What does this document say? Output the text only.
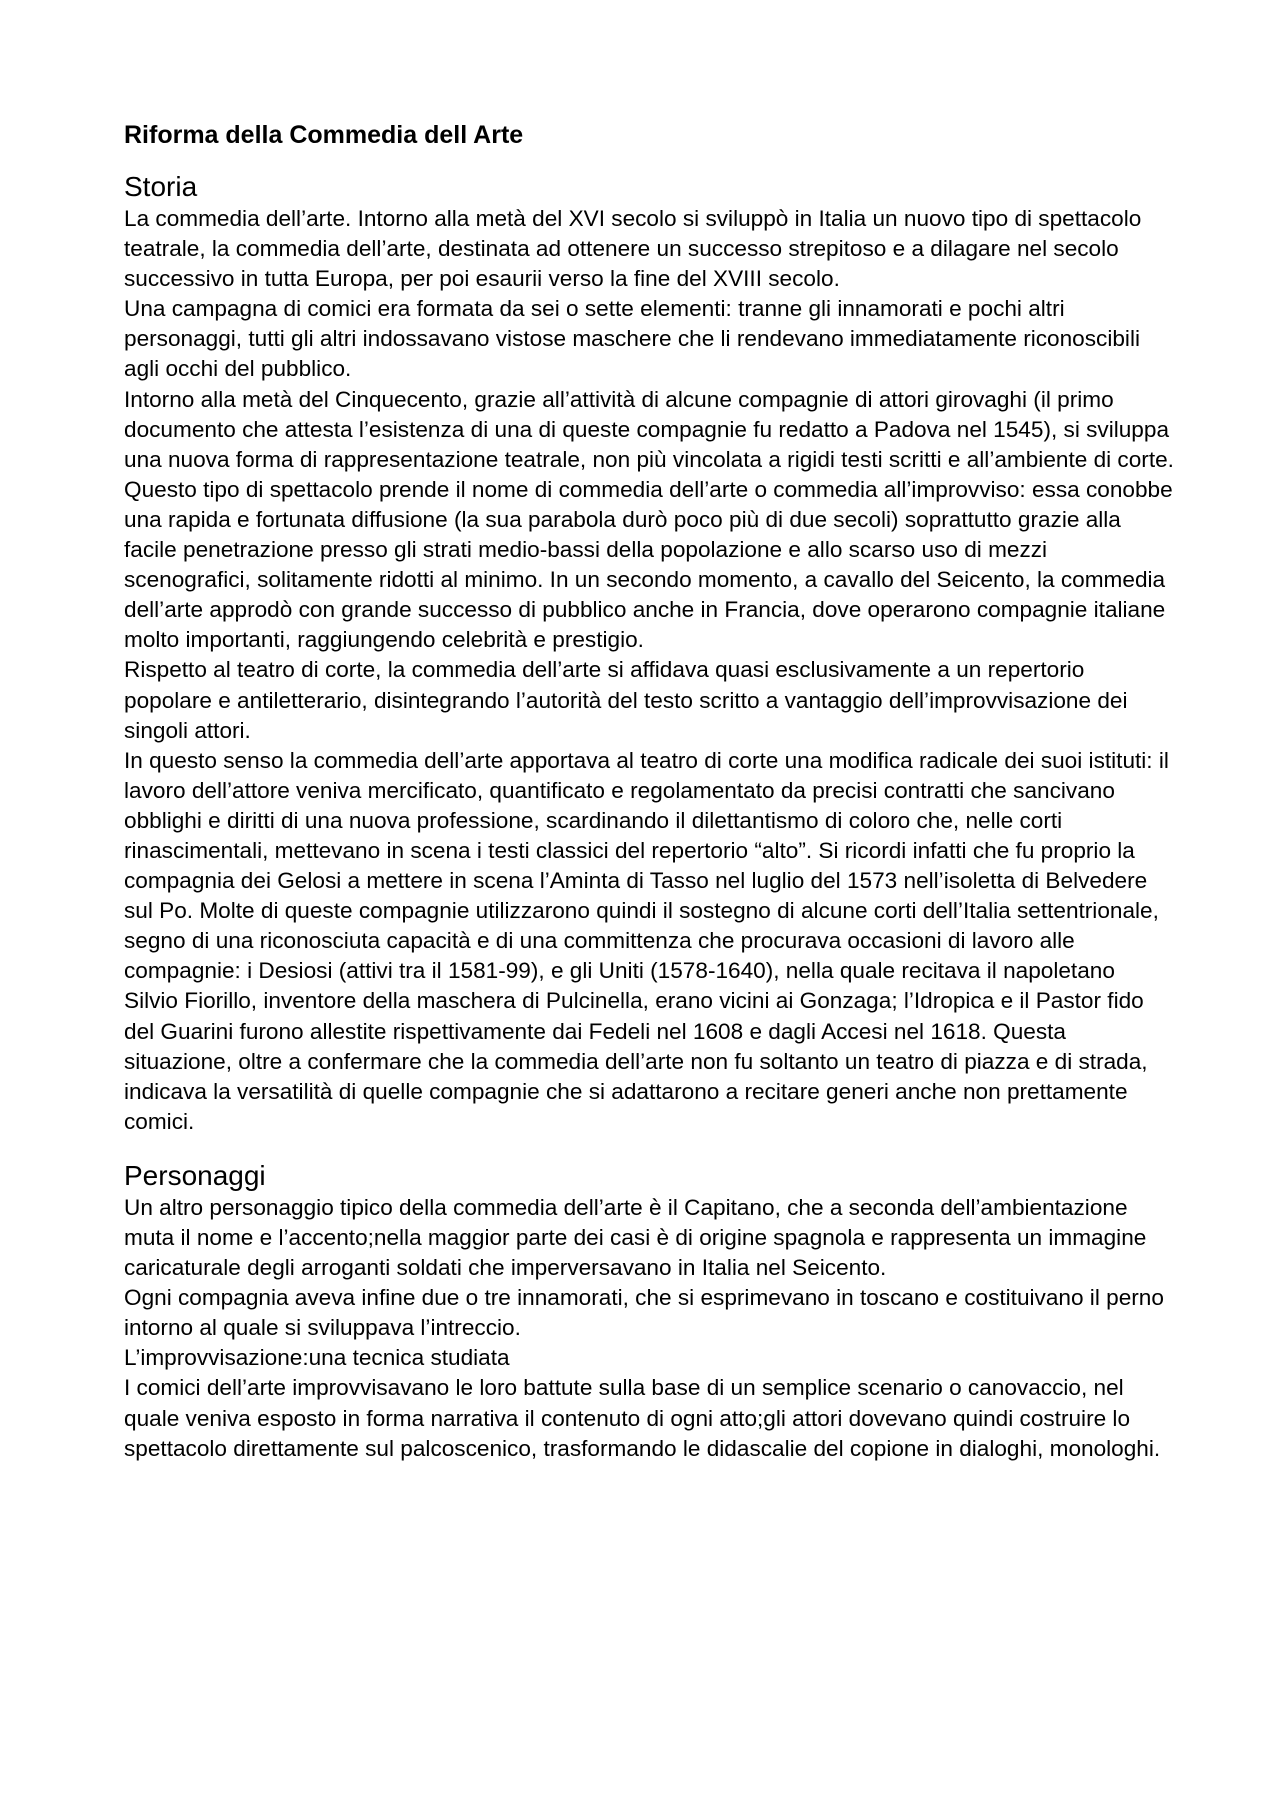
Riforma della Commedia dell Arte
Storia

La commedia dell’arte. Intorno alla metà del XVI secolo si sviluppò in Italia un nuovo tipo di spettacolo teatrale, la commedia dell’arte, destinata ad ottenere un successo strepitoso e a dilagare nel secolo successivo in tutta Europa, per poi esaurii verso la fine del XVIII secolo.

Una campagna di comici era formata da sei o sette elementi: tranne gli innamorati e pochi altri personaggi, tutti gli altri indossavano vistose maschere che li rendevano immediatamente riconoscibili agli occhi del pubblico.

Intorno alla metà del Cinquecento, grazie all’attività di alcune compagnie di attori girovaghi (il primo documento che attesta l’esistenza di una di queste compagnie fu redatto a Padova nel 1545), si sviluppa una nuova forma di rappresentazione teatrale, non più vincolata a rigidi testi scritti e all’ambiente di corte.

Questo tipo di spettacolo prende il nome di commedia dell’arte o commedia all’improvviso: essa conobbe una rapida e fortunata diffusione (la sua parabola durò poco più di due secoli) soprattutto grazie alla facile penetrazione presso gli strati medio-bassi della popolazione e allo scarso uso di mezzi scenografici, solitamente ridotti al minimo. In un secondo momento, a cavallo del Seicento, la commedia dell’arte approdò con grande successo di pubblico anche in Francia, dove operarono compagnie italiane molto importanti, raggiungendo celebrità e prestigio.

Rispetto al teatro di corte, la commedia dell’arte si affidava quasi esclusivamente a un repertorio popolare e antiletterario, disintegrando l’autorità del testo scritto a vantaggio dell’improvvisazione dei singoli attori.

In questo senso la commedia dell’arte apportava al teatro di corte una modifica radicale dei suoi istituti: il lavoro dell’attore veniva mercificato, quantificato e regolamentato da precisi contratti che sancivano obblighi e diritti di una nuova professione, scardinando il dilettantismo di coloro che, nelle corti rinascimentali, mettevano in scena i testi classici del repertorio “alto”. Si ricordi infatti che fu proprio la compagnia dei Gelosi a mettere in scena l’Aminta di Tasso nel luglio del 1573 nell’isoletta di Belvedere sul Po. Molte di queste compagnie utilizzarono quindi il sostegno di alcune corti dell’Italia settentrionale, segno di una riconosciuta capacità e di una committenza che procurava occasioni di lavoro alle compagnie: i Desiosi (attivi tra il 1581-99), e gli Uniti (1578-1640), nella quale recitava il napoletano Silvio Fiorillo, inventore della maschera di Pulcinella, erano vicini ai Gonzaga; l’Idropica e il Pastor fido del Guarini furono allestite rispettivamente dai Fedeli nel 1608 e dagli Accesi nel 1618. Questa situazione, oltre a confermare che la commedia dell’arte non fu soltanto un teatro di piazza e di strada, indicava la versatilità di quelle compagnie che si adattarono a recitare generi anche non prettamente comici.

Personaggi

Un altro personaggio tipico della commedia dell’arte è il Capitano, che a seconda dell’ambientazione muta il nome e l’accento;nella maggior parte dei casi è di origine spagnola e rappresenta un immagine caricaturale degli arroganti soldati che imperversavano in Italia nel Seicento.

Ogni compagnia aveva infine due o tre innamorati, che si esprimevano in toscano e costituivano il perno intorno al quale si sviluppava l’intreccio.

L’improvvisazione:una tecnica studiata

I comici dell’arte improvvisavano le loro battute sulla base di un semplice scenario o canovaccio, nel quale veniva esposto in forma narrativa il contenuto di ogni atto;gli attori dovevano quindi costruire lo spettacolo direttamente sul palcoscenico, trasformando le didascalie del copione in dialoghi, monologhi.
